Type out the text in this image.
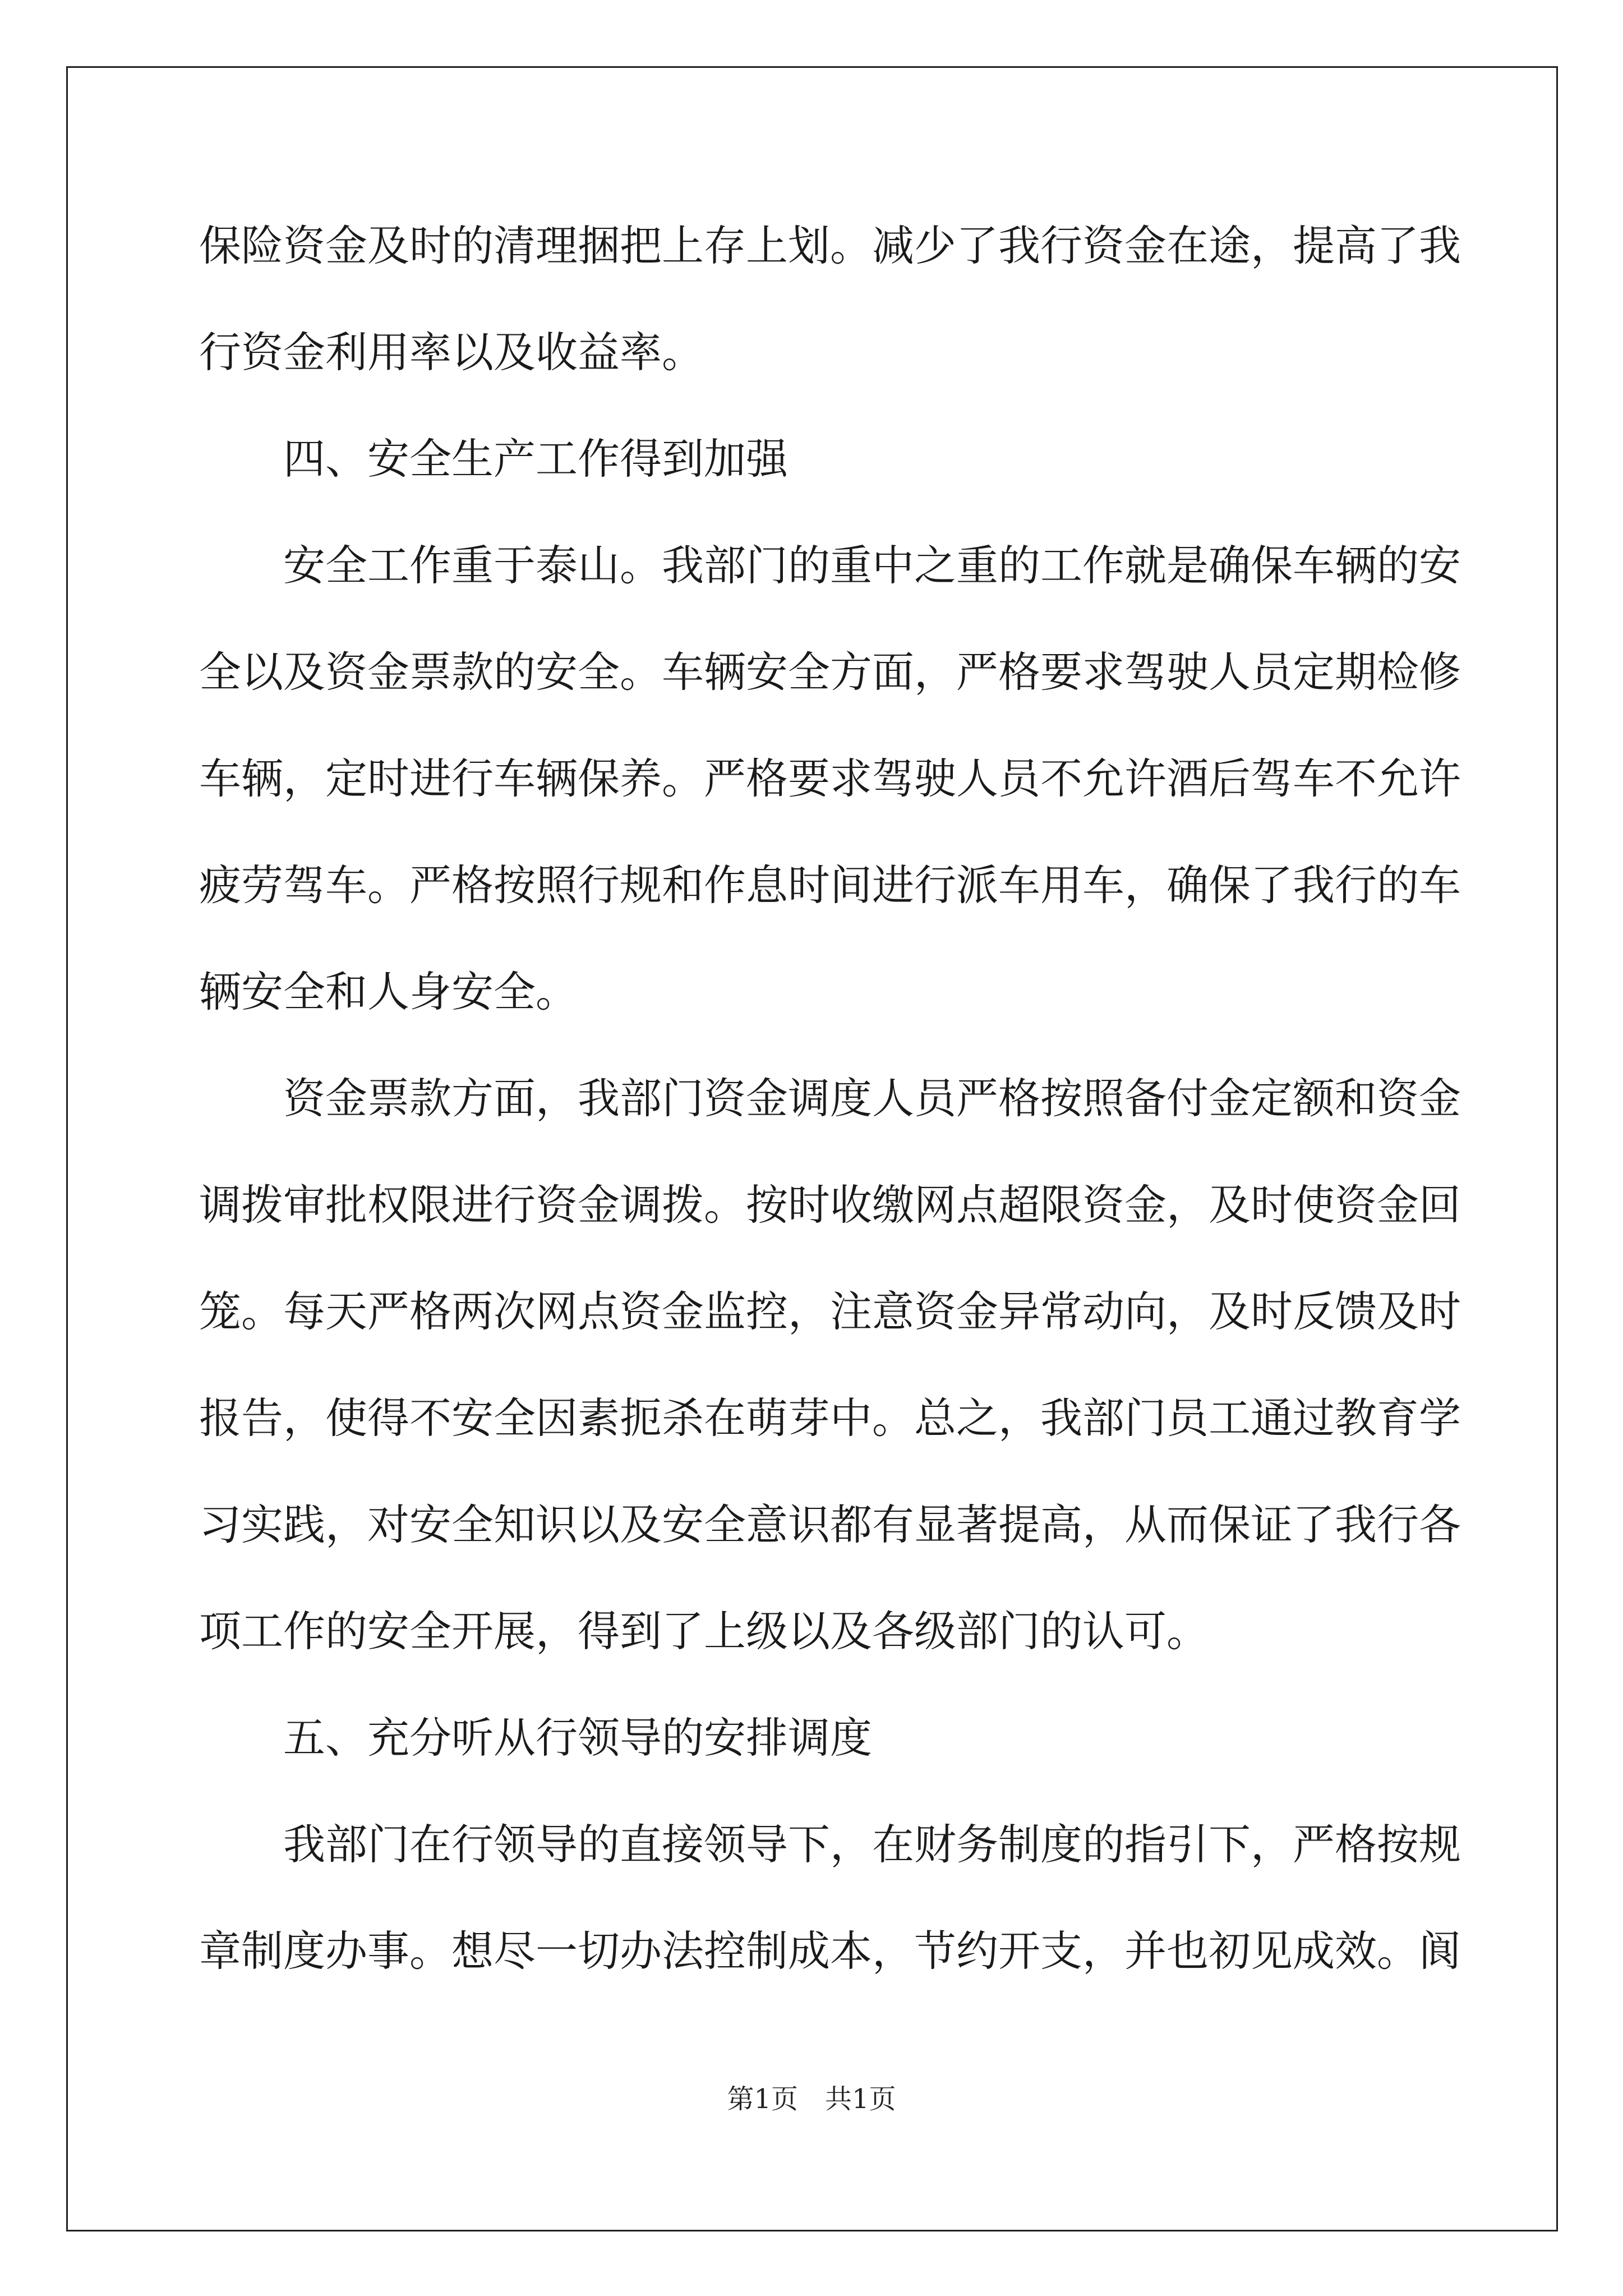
保险资金及时的清理捆把上存上划。减少了我行资金在途，提高了我
行资金利用率以及收益率。
四、安全生产工作得到加强
安全工作重于泰山。我部门的重中之重的工作就是确保车辆的安
全以及资金票款的安全。车辆安全方面，严格要求驾驶人员定期检修
车辆，定时进行车辆保养。严格要求驾驶人员不允许酒后驾车不允许
疲劳驾车。严格按照行规和作息时间进行派车用车，确保了我行的车
辆安全和人身安全。
资金票款方面，我部门资金调度人员严格按照备付金定额和资金
调拨审批权限进行资金调拨。按时收缴网点超限资金，及时使资金回
笼。每天严格两次网点资金监控，注意资金异常动向，及时反馈及时
报告，使得不安全因素扼杀在萌芽中。总之，我部门员工通过教育学
习实践，对安全知识以及安全意识都有显著提高，从而保证了我行各
项工作的安全开展，得到了上级以及各级部门的认可。
五、充分听从行领导的安排调度
我部门在行领导的直接领导下，在财务制度的指引下，严格按规
章制度办事。想尽一切办法控制成本，节约开支，并也初见成效。阆
第1页　共1页
